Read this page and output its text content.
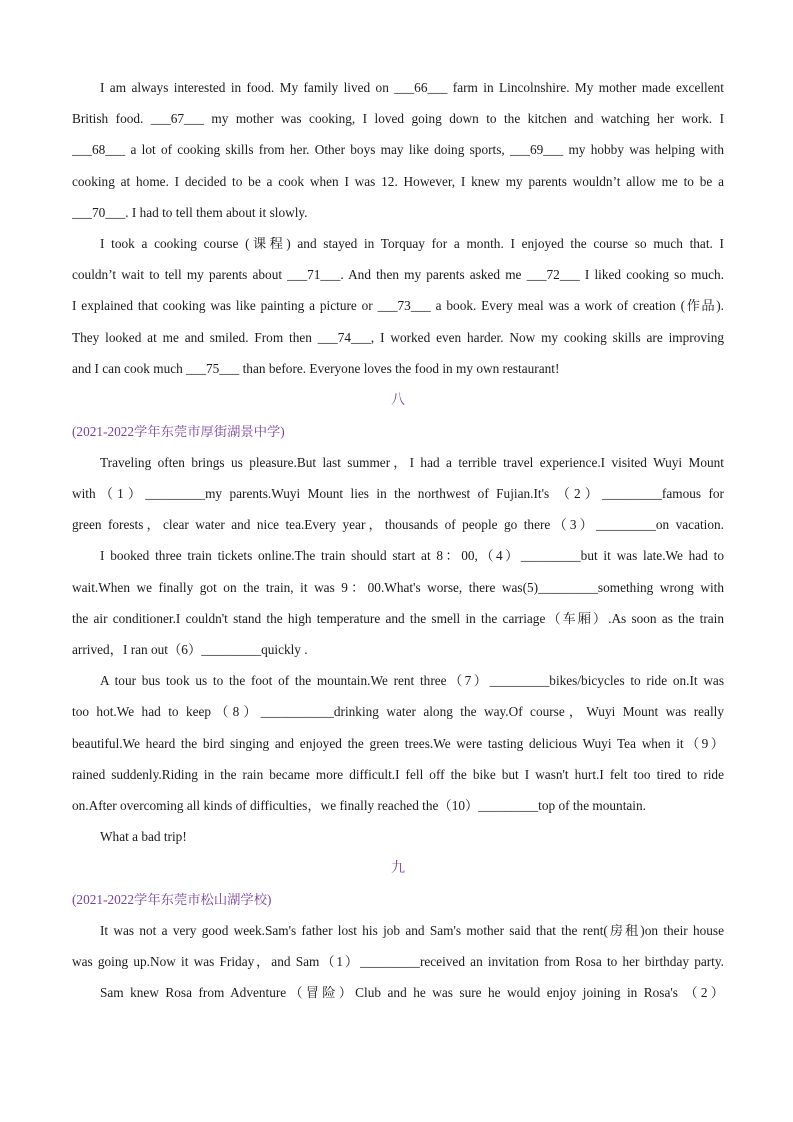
I am always interested in food. My family lived on ___66___ farm in Lincolnshire. My mother made excellent
British food. ___67___ my mother was cooking, I loved going down to the kitchen and watching her work. I
___68___ a lot of cooking skills from her. Other boys may like doing sports, ___69___ my hobby was helping with
cooking at home. I decided to be a cook when I was 12. However, I knew my parents wouldn’t allow me to be a
___70___. I had to tell them about it slowly.
I took a cooking course (课程) and stayed in Torquay for a month. I enjoyed the course so much that. I
couldn’t wait to tell my parents about ___71___. And then my parents asked me ___72___ I liked cooking so much.
I explained that cooking was like painting a picture or ___73___ a book. Every meal was a work of creation (作品).
They looked at me and smiled. From then ___74___, I worked even harder. Now my cooking skills are improving
and I can cook much ___75___ than before. Everyone loves the food in my own restaurant!
八
(2021-2022学年东莞市厚街湖景中学)
Traveling often brings us pleasure.But last summer，I had a terrible travel experience.I visited Wuyi Mount
with（1）_________my parents.Wuyi Mount lies in the northwest of Fujian.It's （2）_________famous for
green forests，clear water and nice tea.Every year，thousands of people go there（3）_________on vacation.
I booked three train tickets online.The train should start at 8：00,（4）_________but it was late.We had to
wait.When we finally got on the train, it was 9：00.What's worse, there was(5)_________something wrong with
the air conditioner.I couldn't stand the high temperature and the smell in the carriage（车厢）.As soon as the train
arrived，I ran out（6）_________quickly .
A tour bus took us to the foot of the mountain.We rent three（7）_________bikes/bicycles to ride on.It was
too hot.We had to keep（8）___________drinking water along the way.Of course，Wuyi Mount was really
beautiful.We heard the bird singing and enjoyed the green trees.We were tasting delicious Wuyi Tea when it（9）
rained suddenly.Riding in the rain became more difficult.I fell off the bike but I wasn't hurt.I felt too tired to ride
on.After overcoming all kinds of difficulties，we finally reached the（10）_________top of the mountain.
What a bad trip!
九
(2021-2022学年东莞市松山湖学校)
It was not a very good week.Sam's father lost his job and Sam's mother said that the rent(房租)on their house
was going up.Now it was Friday，and Sam（1）_________received an invitation from Rosa to her birthday party.
Sam knew Rosa from Adventure（冒险）Club and he was sure he would enjoy joining in Rosa's （2）
